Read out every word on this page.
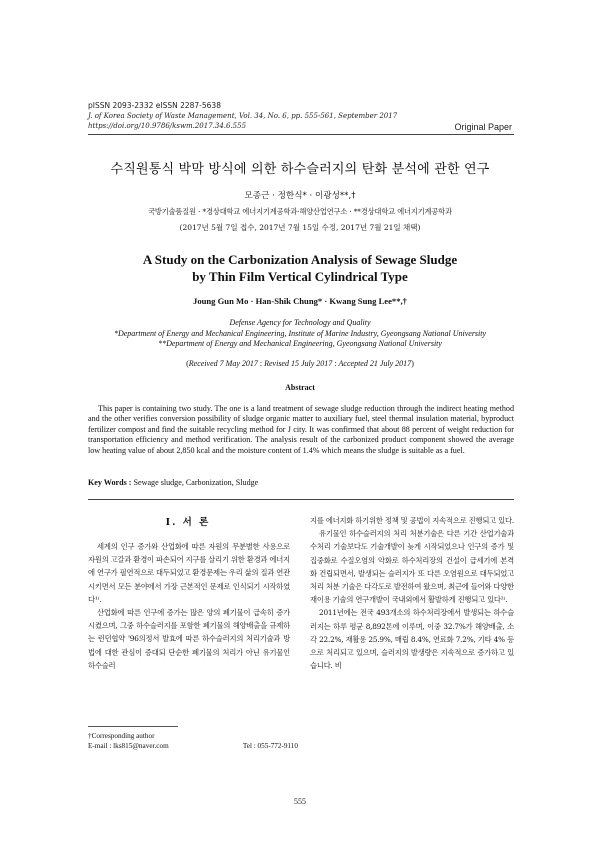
pISSN 2093-2332 eISSN 2287-5638
J. of Korea Society of Waste Management, Vol. 34, No. 6, pp. 555-561, September 2017
https://doi.org/10.9786/kswm.2017.34.6.555	Original Paper
수직원통식 박막 방식에 의한 하수슬러지의 탄화 분석에 관한 연구
모종근 · 정한식* · 이광성**,†
국방기술품질원 · *경상대학교 에너지기계공학과·해양산업연구소 · **경상대학교 에너지기계공학과
(2017년 5월 7일 접수, 2017년 7월 15일 수정, 2017년 7월 21일 채택)
A Study on the Carbonization Analysis of Sewage Sludge
by Thin Film Vertical Cylindrical Type
Joung Gun Mo · Han-Shik Chung* · Kwang Sung Lee**,†
Defense Agency for Technology and Quality
*Department of Energy and Mechanical Engineering, Institute of Marine Industry, Gyeongsang National University
**Department of Energy and Mechanical Engineering, Gyeongsang National University
(Received 7 May 2017 : Revised 15 July 2017 : Accepted 21 July 2017)
Abstract
This paper is containing two study. The one is a land treatment of sewage sludge reduction through the indirect heating method and the other verifies conversion possibility of sludge organic matter to auxiliary fuel, steel thermal insulation material, byproduct fertilizer compost and find the suitable recycling method for J city. It was confirmed that about 88 percent of weight reduction for transportation efficiency and method verification. The analysis result of the carbonized product component showed the average low heating value of about 2,850 kcal and the moisture content of 1.4% which means the sludge is suitable as a fuel.
Key Words : Sewage sludge, Carbonization, Sludge
I. 서 론

세계의 인구 증가와 산업화에 따른 자원의 무분별한 사용으로 자원의 고갈과 환경이 파손되어 지구를 살리기 위한 환경과 에너지에 연구가 필연적으로 대두되었고 환경문제는 우리 삶의 질과 연관시키면서 모든 분야에서 가장 근본적인 문제로 인식되기 시작하였다¹⁾.

산업화에 따른 인구에 증가는 많은 양의 폐기물이 급속히 증가시켰으며, 그중 하수슬러지를 포함한 폐기물의 해양배출을 규제하는 런던협약 '96의정서 발효에 따른 하수슬러지의 처리기술과 방법에 대한 관심이 증대되 단순한 폐기물의 처리가 아닌 유기물인 하수슬러

지를 에너지화 하기위한 정책 및 공법이 지속적으로 진행되고 있다.

유기물인 하수슬러지의 처리 처분기술은 다른 기간 산업기술과 수처리 기술보다도 기술개발이 늦게 시작되었으나 인구의 증가 및 집중화로 수질오염의 악화로 하수처리장의 건설이 급세기에 본격화 건립되면서, 발생되는 슬러지가 또 다른 오염원으로 대두되었고 처리 처분 기술은 다각도로 발전하여 왔으며, 최근에 들어와 다양한 재이용 기술의 연구개발이 국내외에서 활발하게 진행되고 있다²⁾.

2011년에는 전국 493개소의 하수처리장에서 발생되는 하수슬러지는 하루 평균 8,892톤에 이루며, 이중 32.7%가 해양배출, 소각 22.2%, 재활용 25.9%, 매립 8.4%, 연료화 7.2%, 기타 4% 등으로 처리되고 있으며, 슬러지의 발생량은 지속적으로 증가하고 있습니다. 비

†Corresponding author
E-mail : lks815@naver.com	Tel : 055-772-9110
555
